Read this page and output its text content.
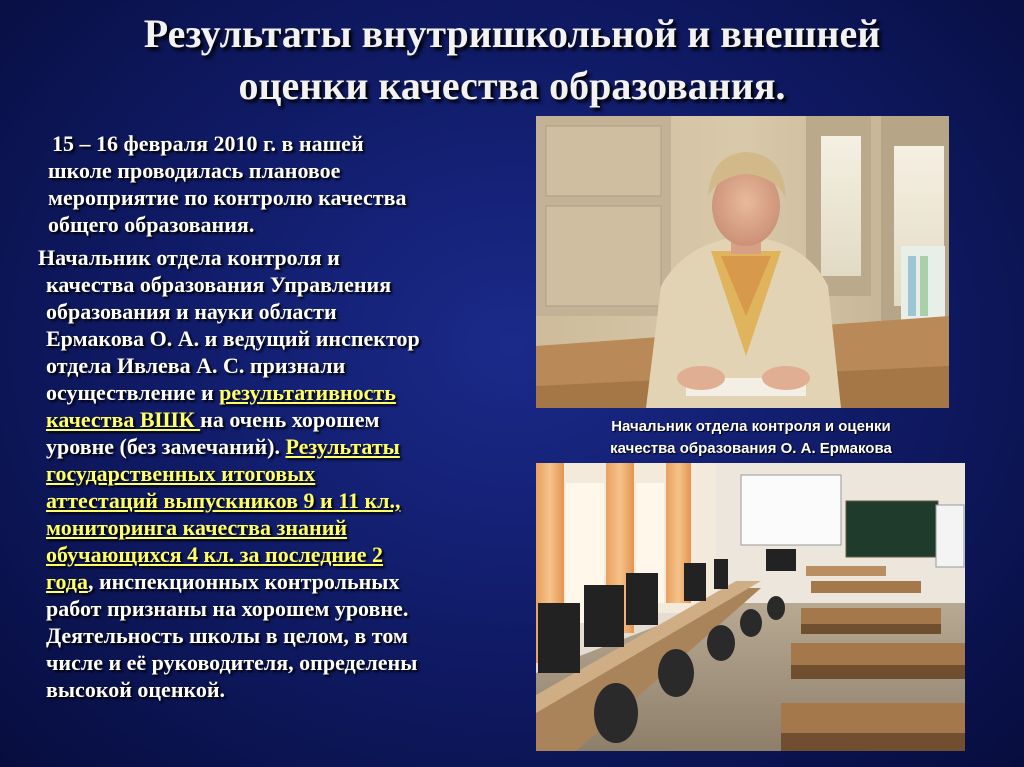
Результаты внутришкольной и внешней
оценки качества образования.
15 – 16 февраля 2010 г. в нашей
школе проводилась плановое
мероприятие по контролю качества
общего образования.
Начальник отдела контроля и
качества образования Управления
образования и науки области
Ермакова О. А. и ведущий инспектор
отдела Ивлева А. С. признали
осуществление и результативность
качества ВШК на очень хорошем
уровне (без замечаний). Результаты
государственных итоговых
аттестаций выпускников 9 и 11 кл.,
мониторинга качества знаний
обучающихся 4 кл. за последние 2
года, инспекционных контрольных
работ признаны на хорошем уровне.
Деятельность школы в целом, в том
числе и её руководителя, определены
высокой оценкой.
Начальник отдела контроля и оценки
качества образования О. А. Ермакова
